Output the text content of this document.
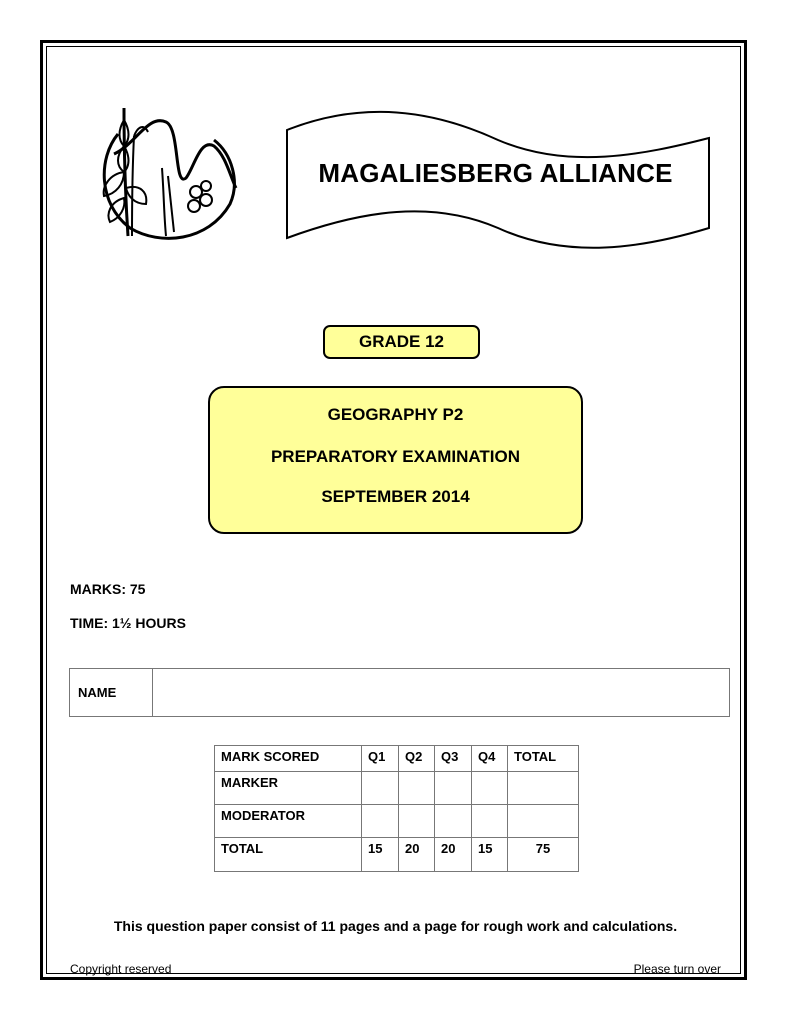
MAGALIESBERG ALLIANCE
GRADE 12
GEOGRAPHY P2
PREPARATORY EXAMINATION
SEPTEMBER 2014
MARKS: 75
TIME: 1½ HOURS
NAME	
MARK SCORED	Q1	Q2	Q3	Q4	TOTAL
MARKER					
MODERATOR					
TOTAL	15	20	20	15	75
This question paper consist of 11 pages and a page for rough work and calculations.
Copyright reserved	Please turn over
